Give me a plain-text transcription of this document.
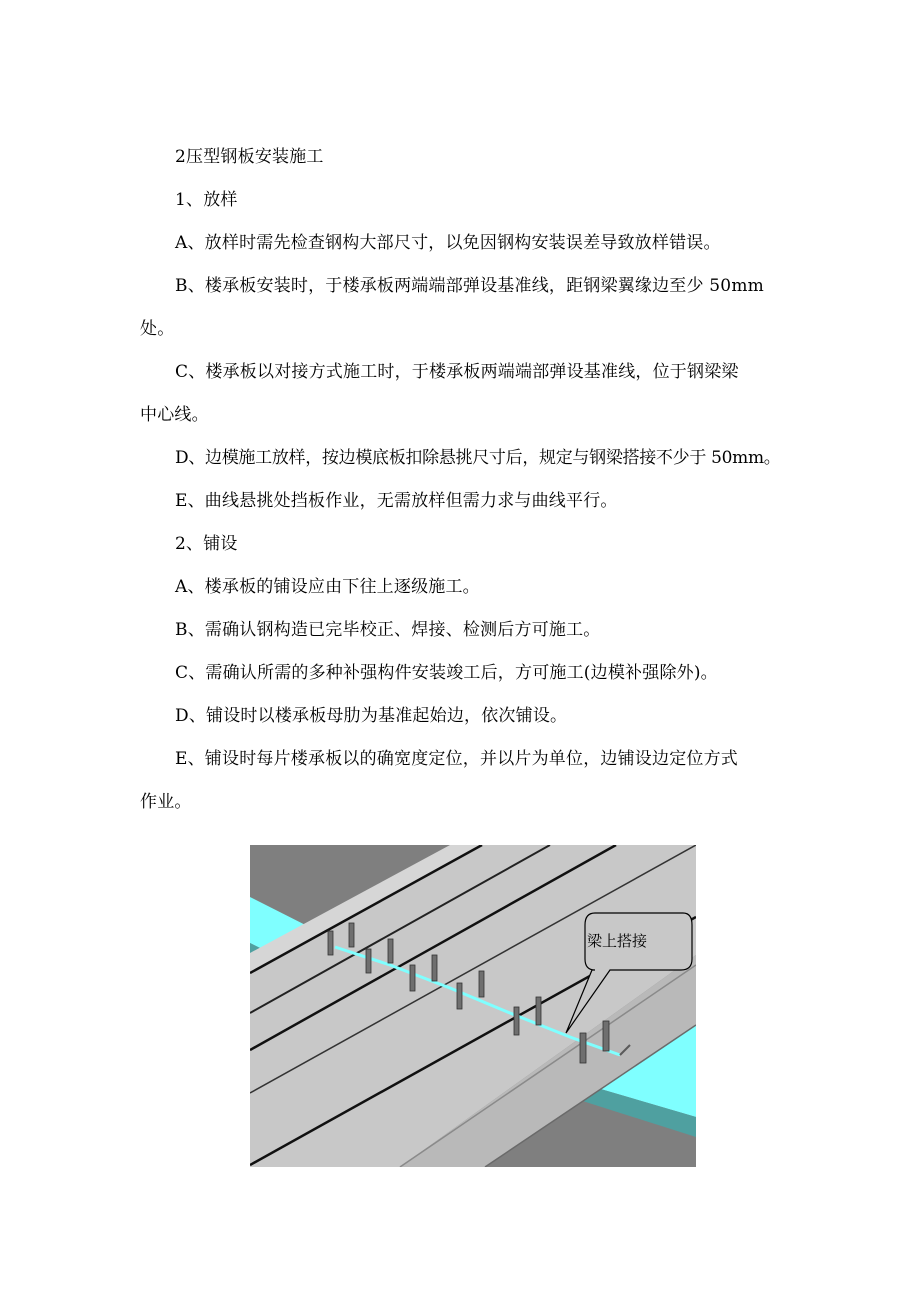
2压型钢板安装施工
1、放样
A、放样时需先检查钢构大部尺寸，以免因钢构安装误差导致放样错误。
B、楼承板安装时，于楼承板两端端部弹设基准线，距钢梁翼缘边至少 50mm
处。
C、楼承板以对接方式施工时，于楼承板两端端部弹设基准线，位于钢梁梁
中心线。
D、边模施工放样，按边模底板扣除悬挑尺寸后，规定与钢梁搭接不少于 50mm。
E、曲线悬挑处挡板作业，无需放样但需力求与曲线平行。
2、铺设
A、楼承板的铺设应由下往上逐级施工。
B、需确认钢构造已完毕校正、焊接、检测后方可施工。
C、需确认所需的多种补强构件安装竣工后，方可施工(边模补强除外)。
D、铺设时以楼承板母肋为基准起始边，依次铺设。
E、铺设时每片楼承板以的确宽度定位，并以片为单位，边铺设边定位方式
作业。
梁上搭接
